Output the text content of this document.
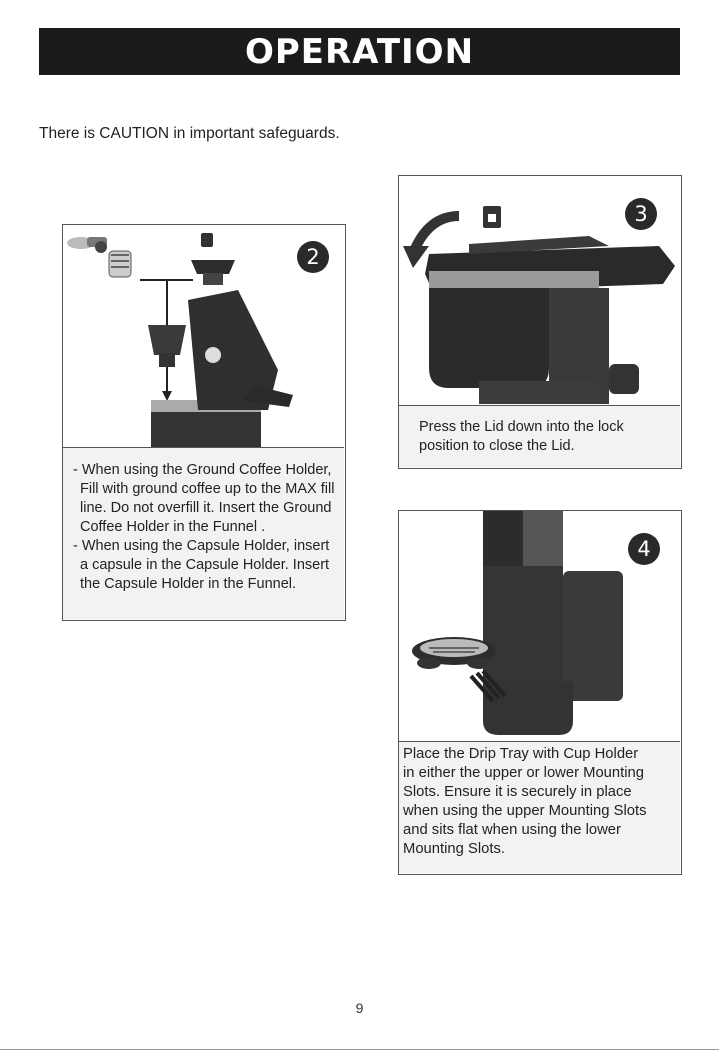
OPERATION
There is CAUTION in important safeguards.
2

- When using the Ground Coffee Holder,

Fill with ground coffee up to the MAX fill

line. Do not overfill it. Insert the Ground

Coffee Holder in the Funnel .

- When using the Capsule Holder, insert

a capsule in the Capsule Holder. Insert

the Capsule Holder in the Funnel.

3

Press the Lid down into the lock

position to close the Lid.

4

Place the Drip Tray with Cup Holder

in either the upper or lower Mounting

Slots. Ensure it is securely in place

when using the upper Mounting Slots

and sits flat when using the lower

Mounting Slots.

9
